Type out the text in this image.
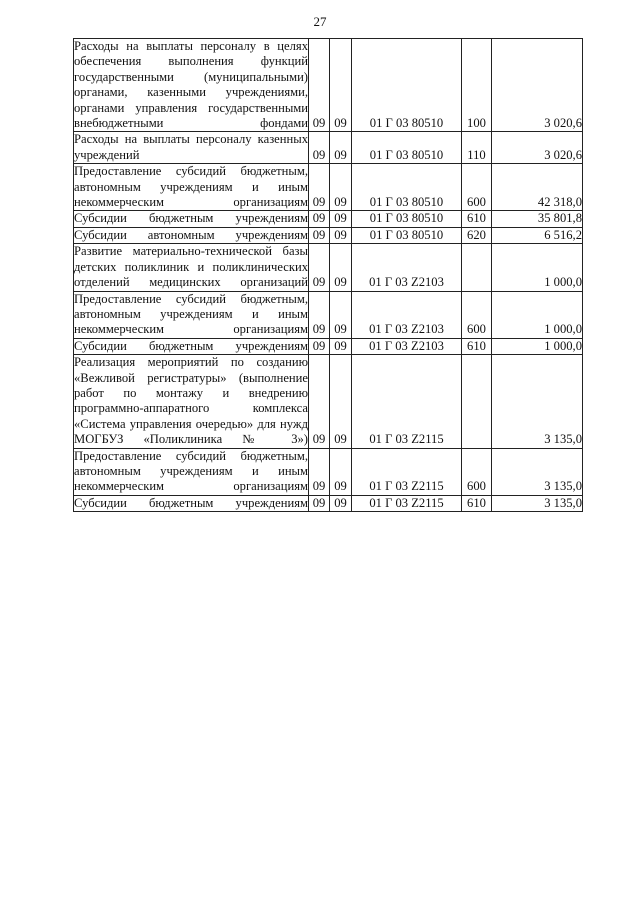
27
Расходы на выплаты персоналу в целях обеспечения выполнения функций государственными (муниципальными) органами, казенными учреждениями, органами управления государственными внебюджетными фондами	09	09	01 Г 03 80510	100	3 020,6
Расходы на выплаты персоналу казенных учреждений	09	09	01 Г 03 80510	110	3 020,6
Предоставление субсидий бюджетным, автономным учреждениям и иным некоммерческим организациям	09	09	01 Г 03 80510	600	42 318,0
Субсидии бюджетным учреждениям	09	09	01 Г 03 80510	610	35 801,8
Субсидии автономным учреждениям	09	09	01 Г 03 80510	620	6 516,2
Развитие материально-технической базы детских поликлиник и поликлинических отделений медицинских организаций	09	09	01 Г 03 Z2103		1 000,0
Предоставление субсидий бюджетным, автономным учреждениям и иным некоммерческим организациям	09	09	01 Г 03 Z2103	600	1 000,0
Субсидии бюджетным учреждениям	09	09	01 Г 03 Z2103	610	1 000,0
Реализация мероприятий по созданию «Вежливой регистратуры» (выполнение работ по монтажу и внедрению программно-аппаратного комплекса «Система управления очередью» для нужд МОГБУЗ «Поликлиника № 3»)	09	09	01 Г 03 Z2115		3 135,0
Предоставление субсидий бюджетным, автономным учреждениям и иным некоммерческим организациям	09	09	01 Г 03 Z2115	600	3 135,0
Субсидии бюджетным учреждениям	09	09	01 Г 03 Z2115	610	3 135,0
